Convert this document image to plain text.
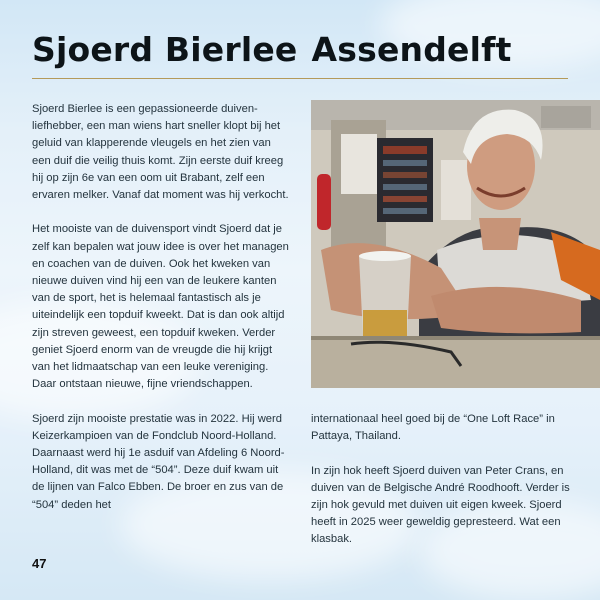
Sjoerd Bierlee Assendelft

Sjoerd Bierlee is een gepassioneerde duiven-liefhebber, een man wiens hart sneller klopt bij het geluid van klapperende vleugels en het zien van een duif die veilig thuis komt. Zijn eerste duif kreeg hij op zijn 6e van een oom uit Brabant, zelf een ervaren melker. Vanaf dat moment was hij verkocht.

Het mooiste van de duivensport vindt Sjoerd dat je zelf kan bepalen wat jouw idee is over het managen en coachen van de duiven. Ook het kweken van nieuwe duiven vind hij een van de leukere kanten van de sport, het is helemaal fantastisch als je uiteindelijk een topduif kweekt. Dat is dan ook altijd zijn streven geweest, een topduif kweken. Verder geniet Sjoerd enorm van de vreugde die hij krijgt van het lidmaatschap van een leuke vereniging. Daar ontstaan nieuwe, fijne vriendschappen.

Sjoerd zijn mooiste prestatie was in 2022. Hij werd Keizerkampioen van de Fondclub Noord-Holland. Daarnaast werd hij 1e asduif van Afdeling 6 Noord-Holland, dit was met de “504”. Deze duif kwam uit de lijnen van Falco Ebben. De broer en zus van de “504” deden het

internationaal heel goed bij de “One Loft Race” in Pattaya, Thailand.

In zijn hok heeft Sjoerd duiven van Peter Crans, en duiven van de Belgische André Roodhooft. Verder is zijn hok gevuld met duiven uit eigen kweek. Sjoerd heeft in 2025 weer geweldig gepresteerd. Wat een klasbak.

47
